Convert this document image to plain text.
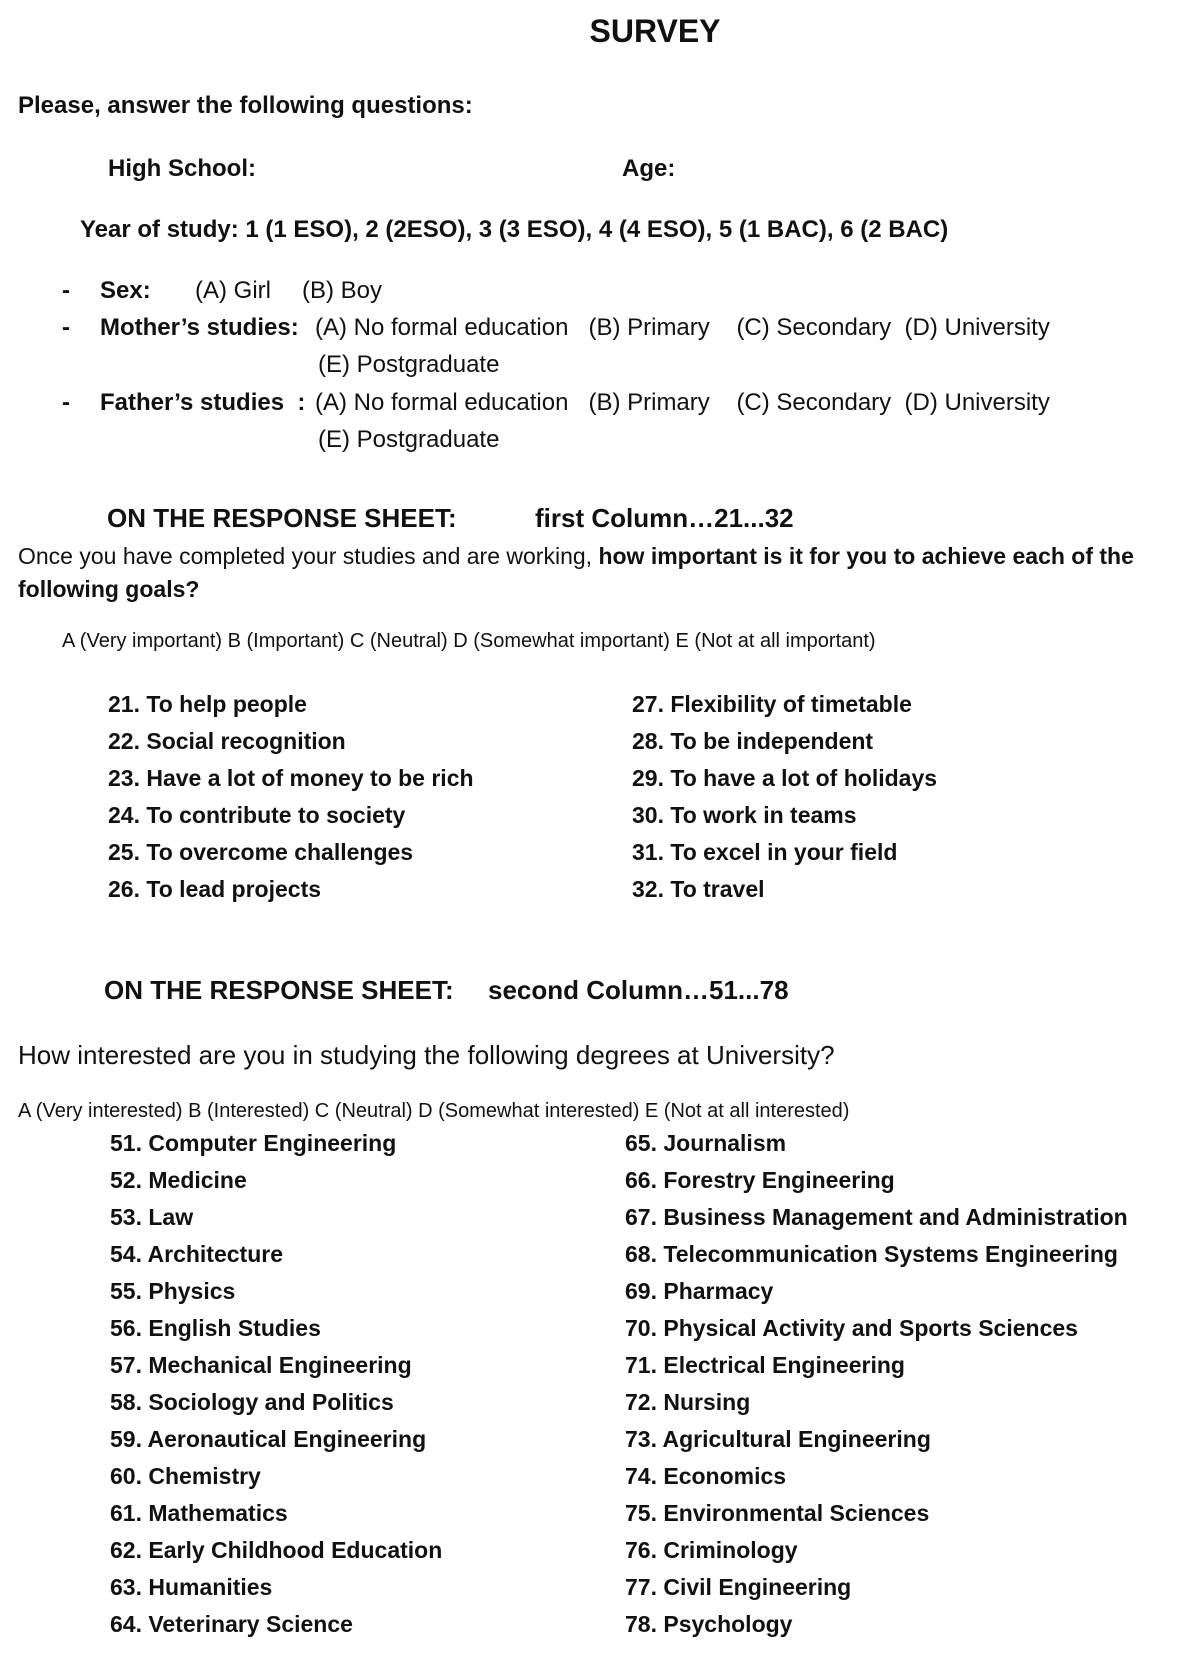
SURVEY
Please, answer the following questions:
High School:	Age:
Year of study: 1 (1 ESO), 2 (2ESO), 3 (3 ESO), 4 (4 ESO), 5 (1 BAC), 6 (2 BAC)
- Sex: (A) Girl (B) Boy
- Mother’s studies: (A) No formal education   (B) Primary    (C) Secondary  (D) University
(E) Postgraduate
- Father’s studies  : (A) No formal education   (B) Primary    (C) Secondary  (D) University
(E) Postgraduate
ON THE RESPONSE SHEET:	first Column…21...32
Once you have completed your studies and are working, how important is it for you to achieve each of the following goals?
A (Very important) B (Important) C (Neutral) D (Somewhat important) E (Not at all important)
21. To help people
22. Social recognition
23. Have a lot of money to be rich
24. To contribute to society
25. To overcome challenges
26. To lead projects
27. Flexibility of timetable
28. To be independent
29. To have a lot of holidays
30. To work in teams
31. To excel in your field
32. To travel
ON THE RESPONSE SHEET: second Column…51...78
How interested are you in studying the following degrees at University?
A (Very interested) B (Interested) C (Neutral) D (Somewhat interested) E (Not at all interested)
51. Computer Engineering
52. Medicine
53. Law
54. Architecture
55. Physics
56. English Studies
57. Mechanical Engineering
58. Sociology and Politics
59. Aeronautical Engineering
60. Chemistry
61. Mathematics
62. Early Childhood Education
63. Humanities
64. Veterinary Science
65. Journalism
66. Forestry Engineering
67. Business Management and Administration
68. Telecommunication Systems Engineering
69. Pharmacy
70. Physical Activity and Sports Sciences
71. Electrical Engineering
72. Nursing
73. Agricultural Engineering
74. Economics
75. Environmental Sciences
76. Criminology
77. Civil Engineering
78. Psychology
